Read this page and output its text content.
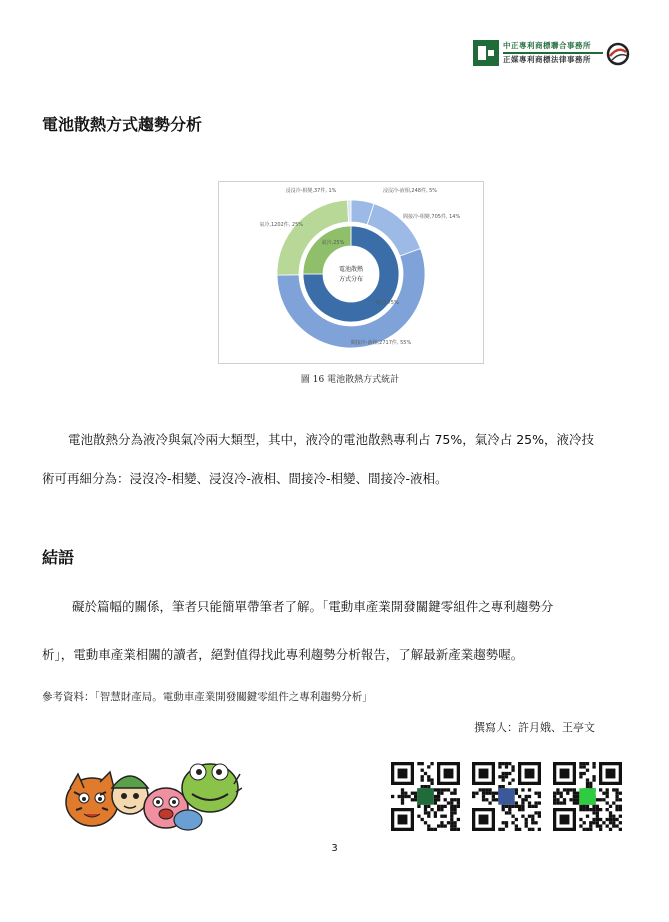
中正專利商標聯合事務所
正媒專利商標法律事務所
電池散熱方式趨勢分析
電池散熱
方式分布
液冷,75%
氣冷,25%
浸沒冷-液相,248件, 5%
間接冷-相變,705件, 14%
間接冷-液相,2717件, 55%
氣冷,1202件, 25%
浸沒冷-相變,37件, 1%
圖 16 電池散熱方式統計
電池散熱分為液冷與氣冷兩大類型，其中，液冷的電池散熱專利占 75%，氣冷占 25%，液冷技
術可再細分為：浸沒冷-相變、浸沒冷-液相、間接冷-相變、間接冷-液相。
結語
礙於篇幅的關係，筆者只能簡單帶筆者了解。「電動車產業開發關鍵零組件之專利趨勢分
析」，電動車產業相關的讀者，絕對值得找此專利趨勢分析報告，了解最新產業趨勢喔。
參考資料：「智慧財產局。電動車產業開發關鍵零組件之專利趨勢分析」
撰寫人：許月娥、王亭文
3
